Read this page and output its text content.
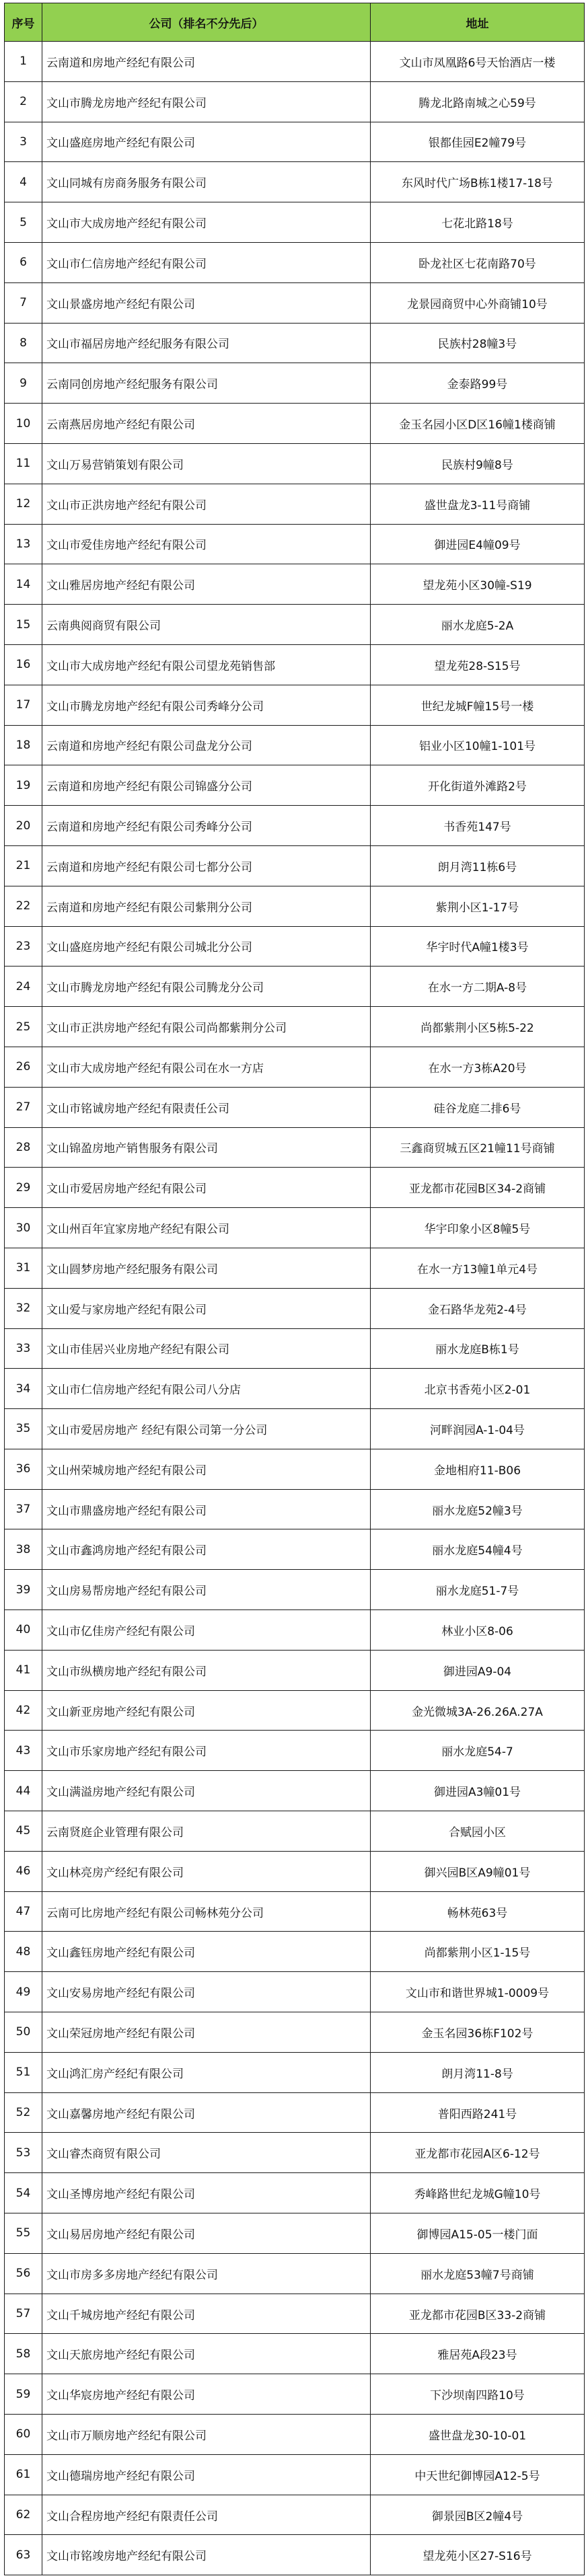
序号	公司（排名不分先后）	地址
1	云南道和房地产经纪有限公司	文山市凤凰路6号天怡酒店一楼
2	文山市腾龙房地产经纪有限公司	腾龙北路南城之心59号
3	文山盛庭房地产经纪有限公司	银都佳园E2幢79号
4	文山同城有房商务服务有限公司	东风时代广场B栋1楼17-18号
5	文山市大成房地产经纪有限公司	七花北路18号
6	文山市仁信房地产经纪有限公司	卧龙社区七花南路70号
7	文山景盛房地产经纪有限公司	龙景园商贸中心外商铺10号
8	文山市福居房地产经纪服务有限公司	民族村28幢3号
9	云南同创房地产经纪服务有限公司	金泰路99号
10	云南燕居房地产经纪有限公司	金玉名园小区D区16幢1楼商铺
11	文山万易营销策划有限公司	民族村9幢8号
12	文山市正洪房地产经纪有限公司	盛世盘龙3-11号商铺
13	文山市爱佳房地产经纪有限公司	御进园E4幢09号
14	文山雅居房地产经纪有限公司	望龙苑小区30幢-S19
15	云南典阅商贸有限公司	丽水龙庭5-2A
16	文山市大成房地产经纪有限公司望龙苑销售部	望龙苑28-S15号
17	文山市腾龙房地产经纪有限公司秀峰分公司	世纪龙城F幢15号一楼
18	云南道和房地产经纪有限公司盘龙分公司	铝业小区10幢1-101号
19	云南道和房地产经纪有限公司锦盛分公司	开化街道外滩路2号
20	云南道和房地产经纪有限公司秀峰分公司	书香苑147号
21	云南道和房地产经纪有限公司七都分公司	朗月湾11栋6号
22	云南道和房地产经纪有限公司紫荆分公司	紫荆小区1-17号
23	文山盛庭房地产经纪有限公司城北分公司	华宇时代A幢1楼3号
24	文山市腾龙房地产经纪有限公司腾龙分公司	在水一方二期A-8号
25	文山市正洪房地产经纪有限公司尚都紫荆分公司	尚都紫荆小区5栋5-22
26	文山市大成房地产经纪有限公司在水一方店	在水一方3栋A20号
27	文山市铭诚房地产经纪有限责任公司	硅谷龙庭二排6号
28	文山锦盈房地产销售服务有限公司	三鑫商贸城五区21幢11号商铺
29	文山市爱居房地产经纪有限公司	亚龙都市花园B区34-2商铺
30	文山州百年宜家房地产经纪有限公司	华宇印象小区8幢5号
31	文山圆梦房地产经纪服务有限公司	在水一方13幢1单元4号
32	文山爱与家房地产经纪有限公司	金石路华龙苑2-4号
33	文山市佳居兴业房地产经纪有限公司	丽水龙庭B栋1号
34	文山市仁信房地产经纪有限公司八分店	北京书香苑小区2-01
35	文山市爱居房地产 经纪有限公司第一分公司	河畔润园A-1-04号
36	文山州荣城房地产经纪有限公司	金地相府11-B06
37	文山市鼎盛房地产经纪有限公司	丽水龙庭52幢3号
38	文山市鑫鸿房地产经纪有限公司	丽水龙庭54幢4号
39	文山房易帮房地产经纪有限公司	丽水龙庭51-7号
40	文山市亿佳房产经纪有限公司	林业小区8-06
41	文山市纵横房地产经纪有限公司	御进园A9-04
42	文山新亚房地产经纪有限公司	金光微城3A-26.26A.27A
43	文山市乐家房地产经纪有限公司	丽水龙庭54-7
44	文山满溢房地产经纪有限公司	御进园A3幢01号
45	云南贤庭企业管理有限公司	合赋园小区
46	文山林亮房产经纪有限公司	御兴园B区A9幢01号
47	云南可比房地产经纪有限公司畅林苑分公司	畅林苑63号
48	文山鑫钰房地产经纪有限公司	尚都紫荆小区1-15号
49	文山安易房地产经纪有限公司	文山市和谐世界城1-0009号
50	文山荣冠房地产经纪有限公司	金玉名园36栋F102号
51	文山鸿汇房产经纪有限公司	朗月湾11-8号
52	文山嘉馨房地产经纪有限公司	普阳西路241号
53	文山睿杰商贸有限公司	亚龙都市花园A区6-12号
54	文山圣博房地产经纪有限公司	秀峰路世纪龙城G幢10号
55	文山易居房地产经纪有限公司	御博园A15-05一楼门面
56	文山市房多多房地产经纪有限公司	丽水龙庭53幢7号商铺
57	文山千城房地产经纪有限公司	亚龙都市花园B区33-2商铺
58	文山天旅房地产经纪有限公司	雅居苑A段23号
59	文山华宸房地产经纪有限公司	下沙坝南四路10号
60	文山市万顺房地产经纪有限公司	盛世盘龙30-10-01
61	文山德瑞房地产经纪有限公司	中天世纪御博园A12-5号
62	文山合程房地产经纪有限责任公司	御景园B区2幢4号
63	文山市铭竣房地产经纪有限公司	望龙苑小区27-S16号
